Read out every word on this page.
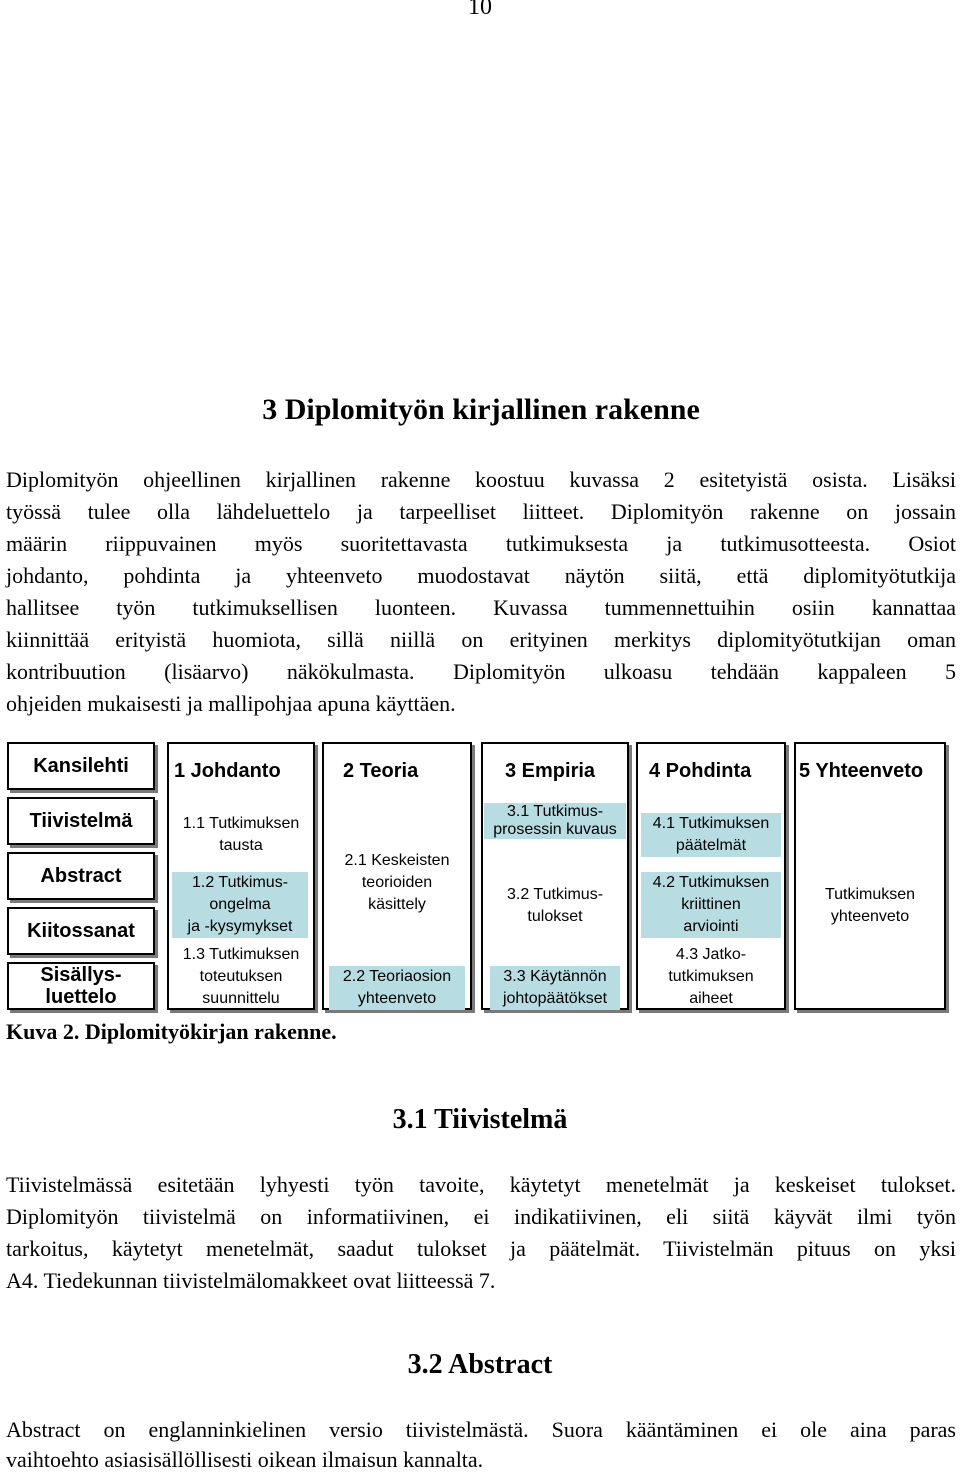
10
3 Diplomityön kirjallinen rakenne

Diplomityön ohjeellinen kirjallinen rakenne koostuu kuvassa 2 esitetyistä osista. Lisäksi

työssä tulee olla lähdeluettelo ja tarpeelliset liitteet. Diplomityön rakenne on jossain

määrin riippuvainen myös suoritettavasta tutkimuksesta ja tutkimusotteesta. Osiot

johdanto, pohdinta ja yhteenveto muodostavat näytön siitä, että diplomityötutkija

hallitsee työn tutkimuksellisen luonteen. Kuvassa tummennettuihin osiin kannattaa

kiinnittää erityistä huomiota, sillä niillä on erityinen merkitys diplomityötutkijan oman

kontribuution (lisäarvo) näkökulmasta. Diplomityön ulkoasu tehdään kappaleen 5

ohjeiden mukaisesti ja mallipohjaa apuna käyttäen.

Kansilehti
Tiivistelmä
Abstract
Kiitossanat
Sisällys-
luettelo
1 Johdanto
1.1 Tutkimuksen
tausta
1.2 Tutkimus-
ongelma
ja -kysymykset
1.3 Tutkimuksen
toteutuksen
suunnittelu
2 Teoria
2.1 Keskeisten
teorioiden
käsittely
2.2 Teoriaosion
yhteenveto
3 Empiria
3.1 Tutkimus-
prosessin kuvaus
3.2 Tutkimus-
tulokset
3.3 Käytännön
johtopäätökset
4 Pohdinta
4.1 Tutkimuksen
päätelmät
4.2 Tutkimuksen
kriittinen
arviointi
4.3 Jatko-
tutkimuksen
aiheet
5 Yhteenveto
Tutkimuksen
yhteenveto
Kuva 2. Diplomityökirjan rakenne.
3.1 Tiivistelmä

Tiivistelmässä esitetään lyhyesti työn tavoite, käytetyt menetelmät ja keskeiset tulokset.

Diplomityön tiivistelmä on informatiivinen, ei indikatiivinen, eli siitä käyvät ilmi työn

tarkoitus, käytetyt menetelmät, saadut tulokset ja päätelmät. Tiivistelmän pituus on yksi

A4. Tiedekunnan tiivistelmälomakkeet ovat liitteessä 7.

3.2 Abstract

Abstract on englanninkielinen versio tiivistelmästä. Suora kääntäminen ei ole aina paras

vaihtoehto asiasisällöllisesti oikean ilmaisun kannalta.
